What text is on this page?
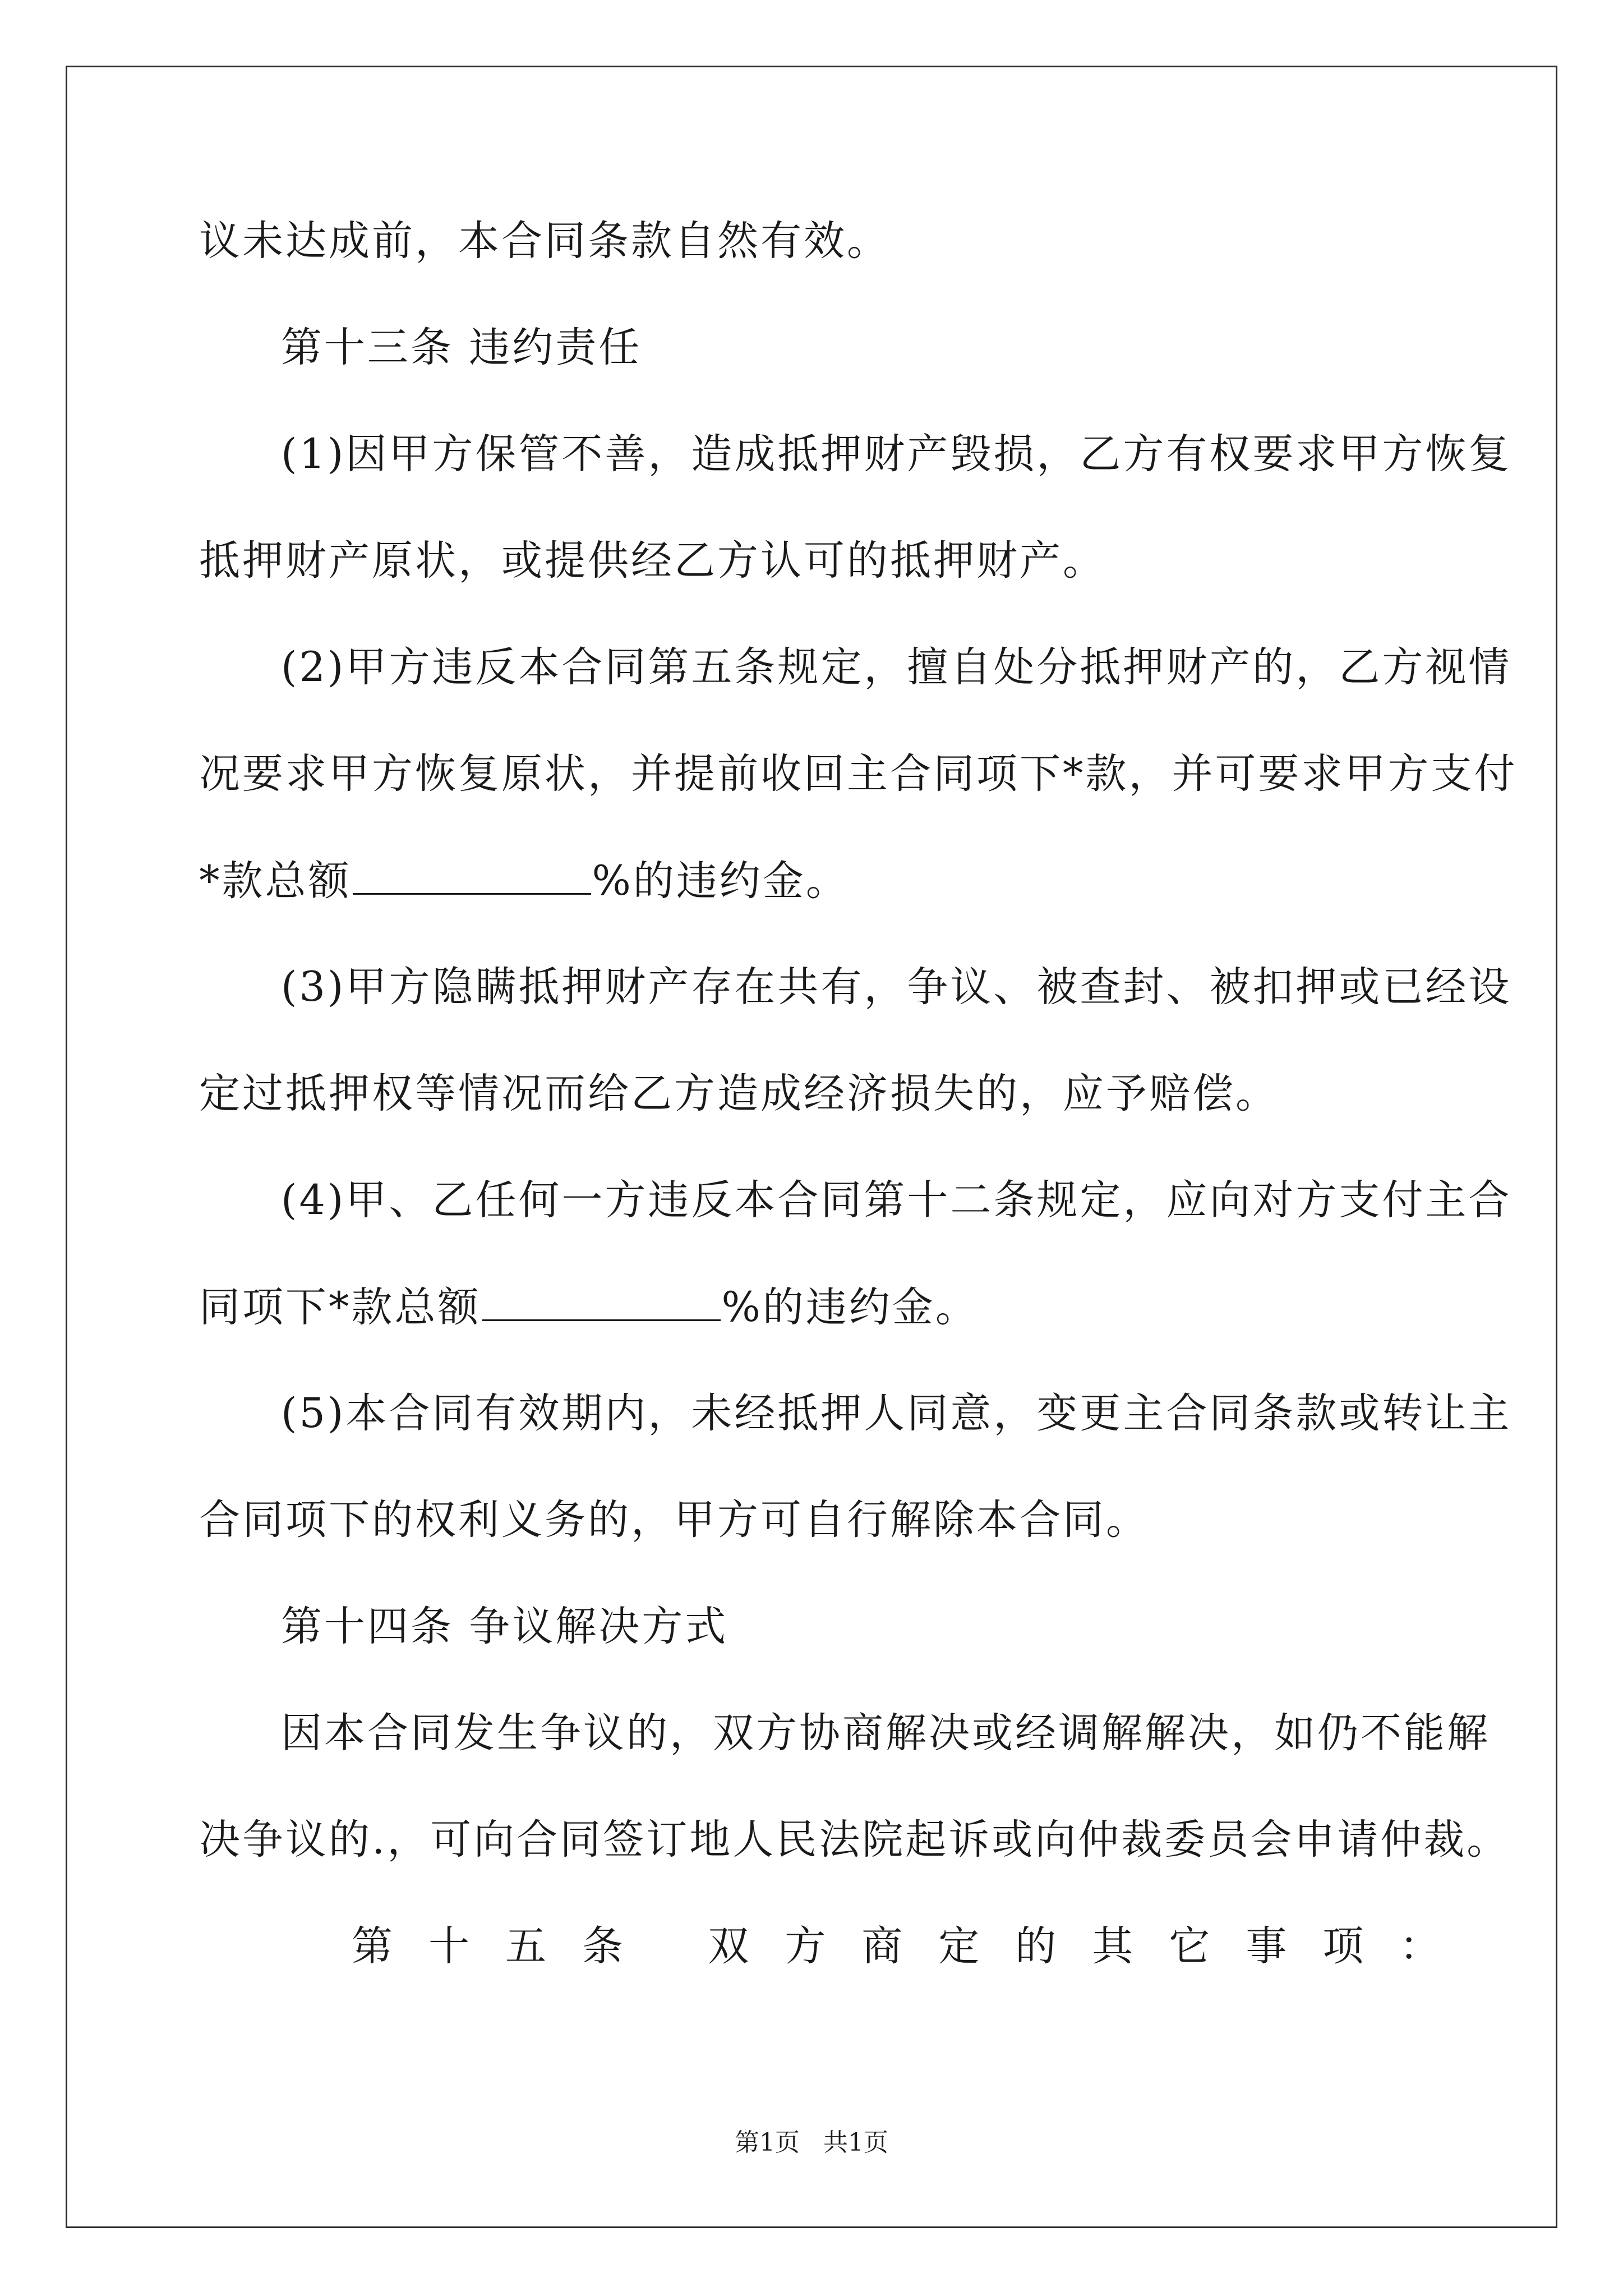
议未达成前，本合同条款自然有效。
第十三条 违约责任
(1)因甲方保管不善，造成抵押财产毁损，乙方有权要求甲方恢复
抵押财产原状，或提供经乙方认可的抵押财产。
(2)甲方违反本合同第五条规定，擅自处分抵押财产的，乙方视情
况要求甲方恢复原状，并提前收回主合同项下*款，并可要求甲方支付
*款总额	%的违约金。
(3)甲方隐瞒抵押财产存在共有，争议、被查封、被扣押或已经设
定过抵押权等情况而给乙方造成经济损失的，应予赔偿。
(4)甲、乙任何一方违反本合同第十二条规定，应向对方支付主合
同项下*款总额	%的违约金。
(5)本合同有效期内，未经抵押人同意，变更主合同条款或转让主
合同项下的权利义务的，甲方可自行解除本合同。
第十四条 争议解决方式
因本合同发生争议的，双方协商解决或经调解解决，如仍不能解
决争议的.，可向合同签订地人民法院起诉或向仲裁委员会申请仲裁。
第十五条 双方商定的其它事项：
第1页 共1页
